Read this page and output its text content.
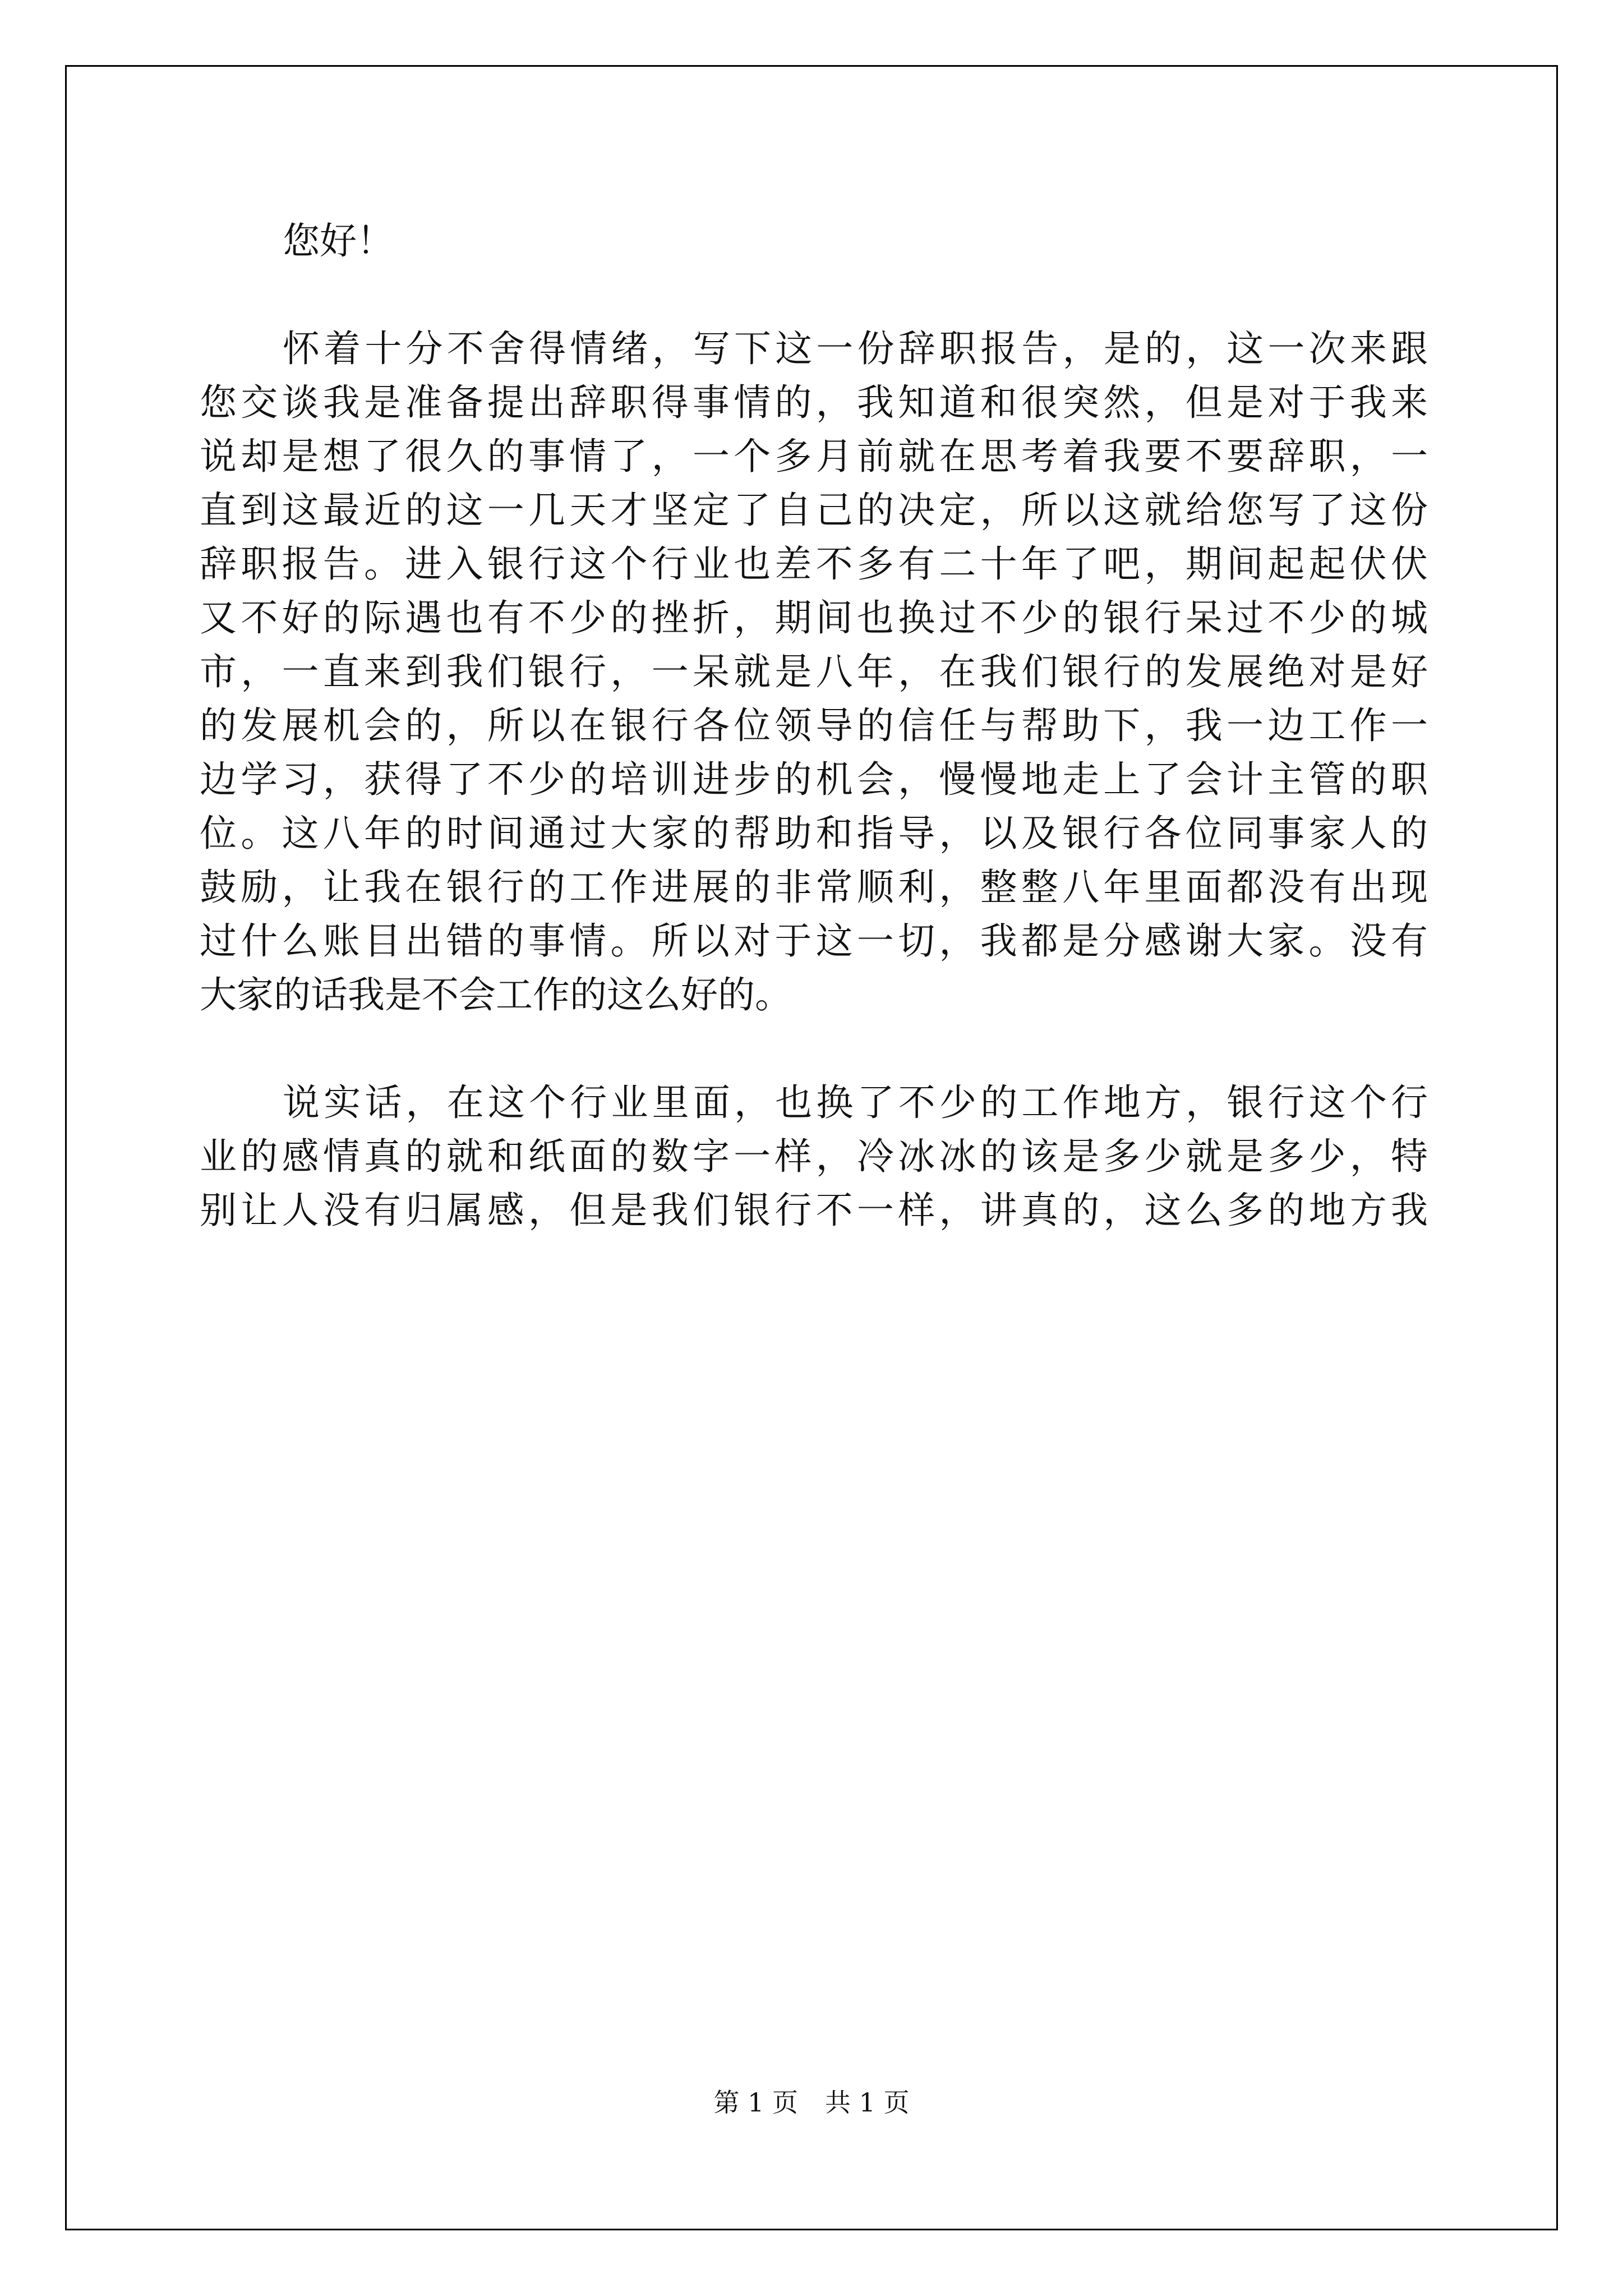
您好！
怀着十分不舍得情绪，写下这一份辞职报告，是的，这一次来跟
您交谈我是准备提出辞职得事情的，我知道和很突然，但是对于我来
说却是想了很久的事情了，一个多月前就在思考着我要不要辞职，一
直到这最近的这一几天才坚定了自己的决定，所以这就给您写了这份
辞职报告。进入银行这个行业也差不多有二十年了吧，期间起起伏伏
又不好的际遇也有不少的挫折，期间也换过不少的银行呆过不少的城
市，一直来到我们银行，一呆就是八年，在我们银行的发展绝对是好
的发展机会的，所以在银行各位领导的信任与帮助下，我一边工作一
边学习，获得了不少的培训进步的机会，慢慢地走上了会计主管的职
位。这八年的时间通过大家的帮助和指导，以及银行各位同事家人的
鼓励，让我在银行的工作进展的非常顺利，整整八年里面都没有出现
过什么账目出错的事情。所以对于这一切，我都是分感谢大家。没有
大家的话我是不会工作的这么好的。
说实话，在这个行业里面，也换了不少的工作地方，银行这个行
业的感情真的就和纸面的数字一样，冷冰冰的该是多少就是多少，特
别让人没有归属感，但是我们银行不一样，讲真的，这么多的地方我
第 1 页 共 1 页
